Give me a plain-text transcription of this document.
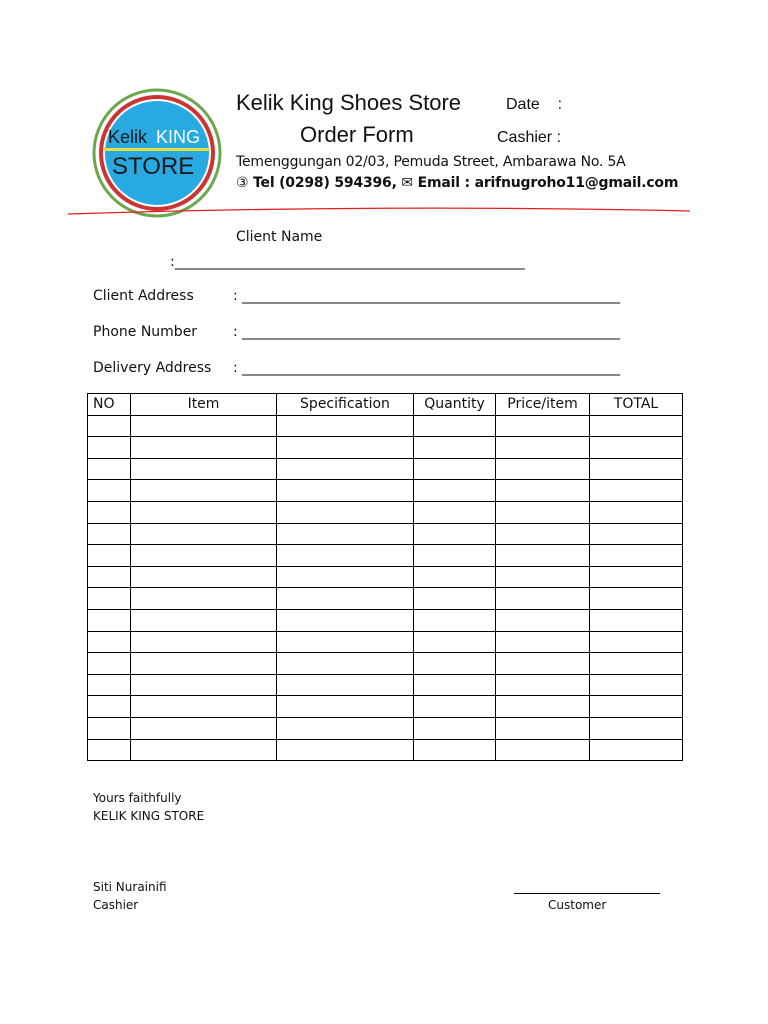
Kelik KING
STORE
Kelik King Shoes Store	Date    :
Order Form	Cashier :
Temenggungan 02/03, Pemuda Street, Ambarawa No. 5A
③ Tel (0298) 594396, ✉ Email : arifnugroho11@gmail.com
Client Name
:__________________________________________________
Client Address	: ______________________________________________________
Phone Number	: ______________________________________________________
Delivery Address : ______________________________________________________
NO	Item	Specification	Quantity	Price/item	TOTAL

Yours faithfully
KELIK KING STORE
Siti Nurainifi
Cashier	Customer
